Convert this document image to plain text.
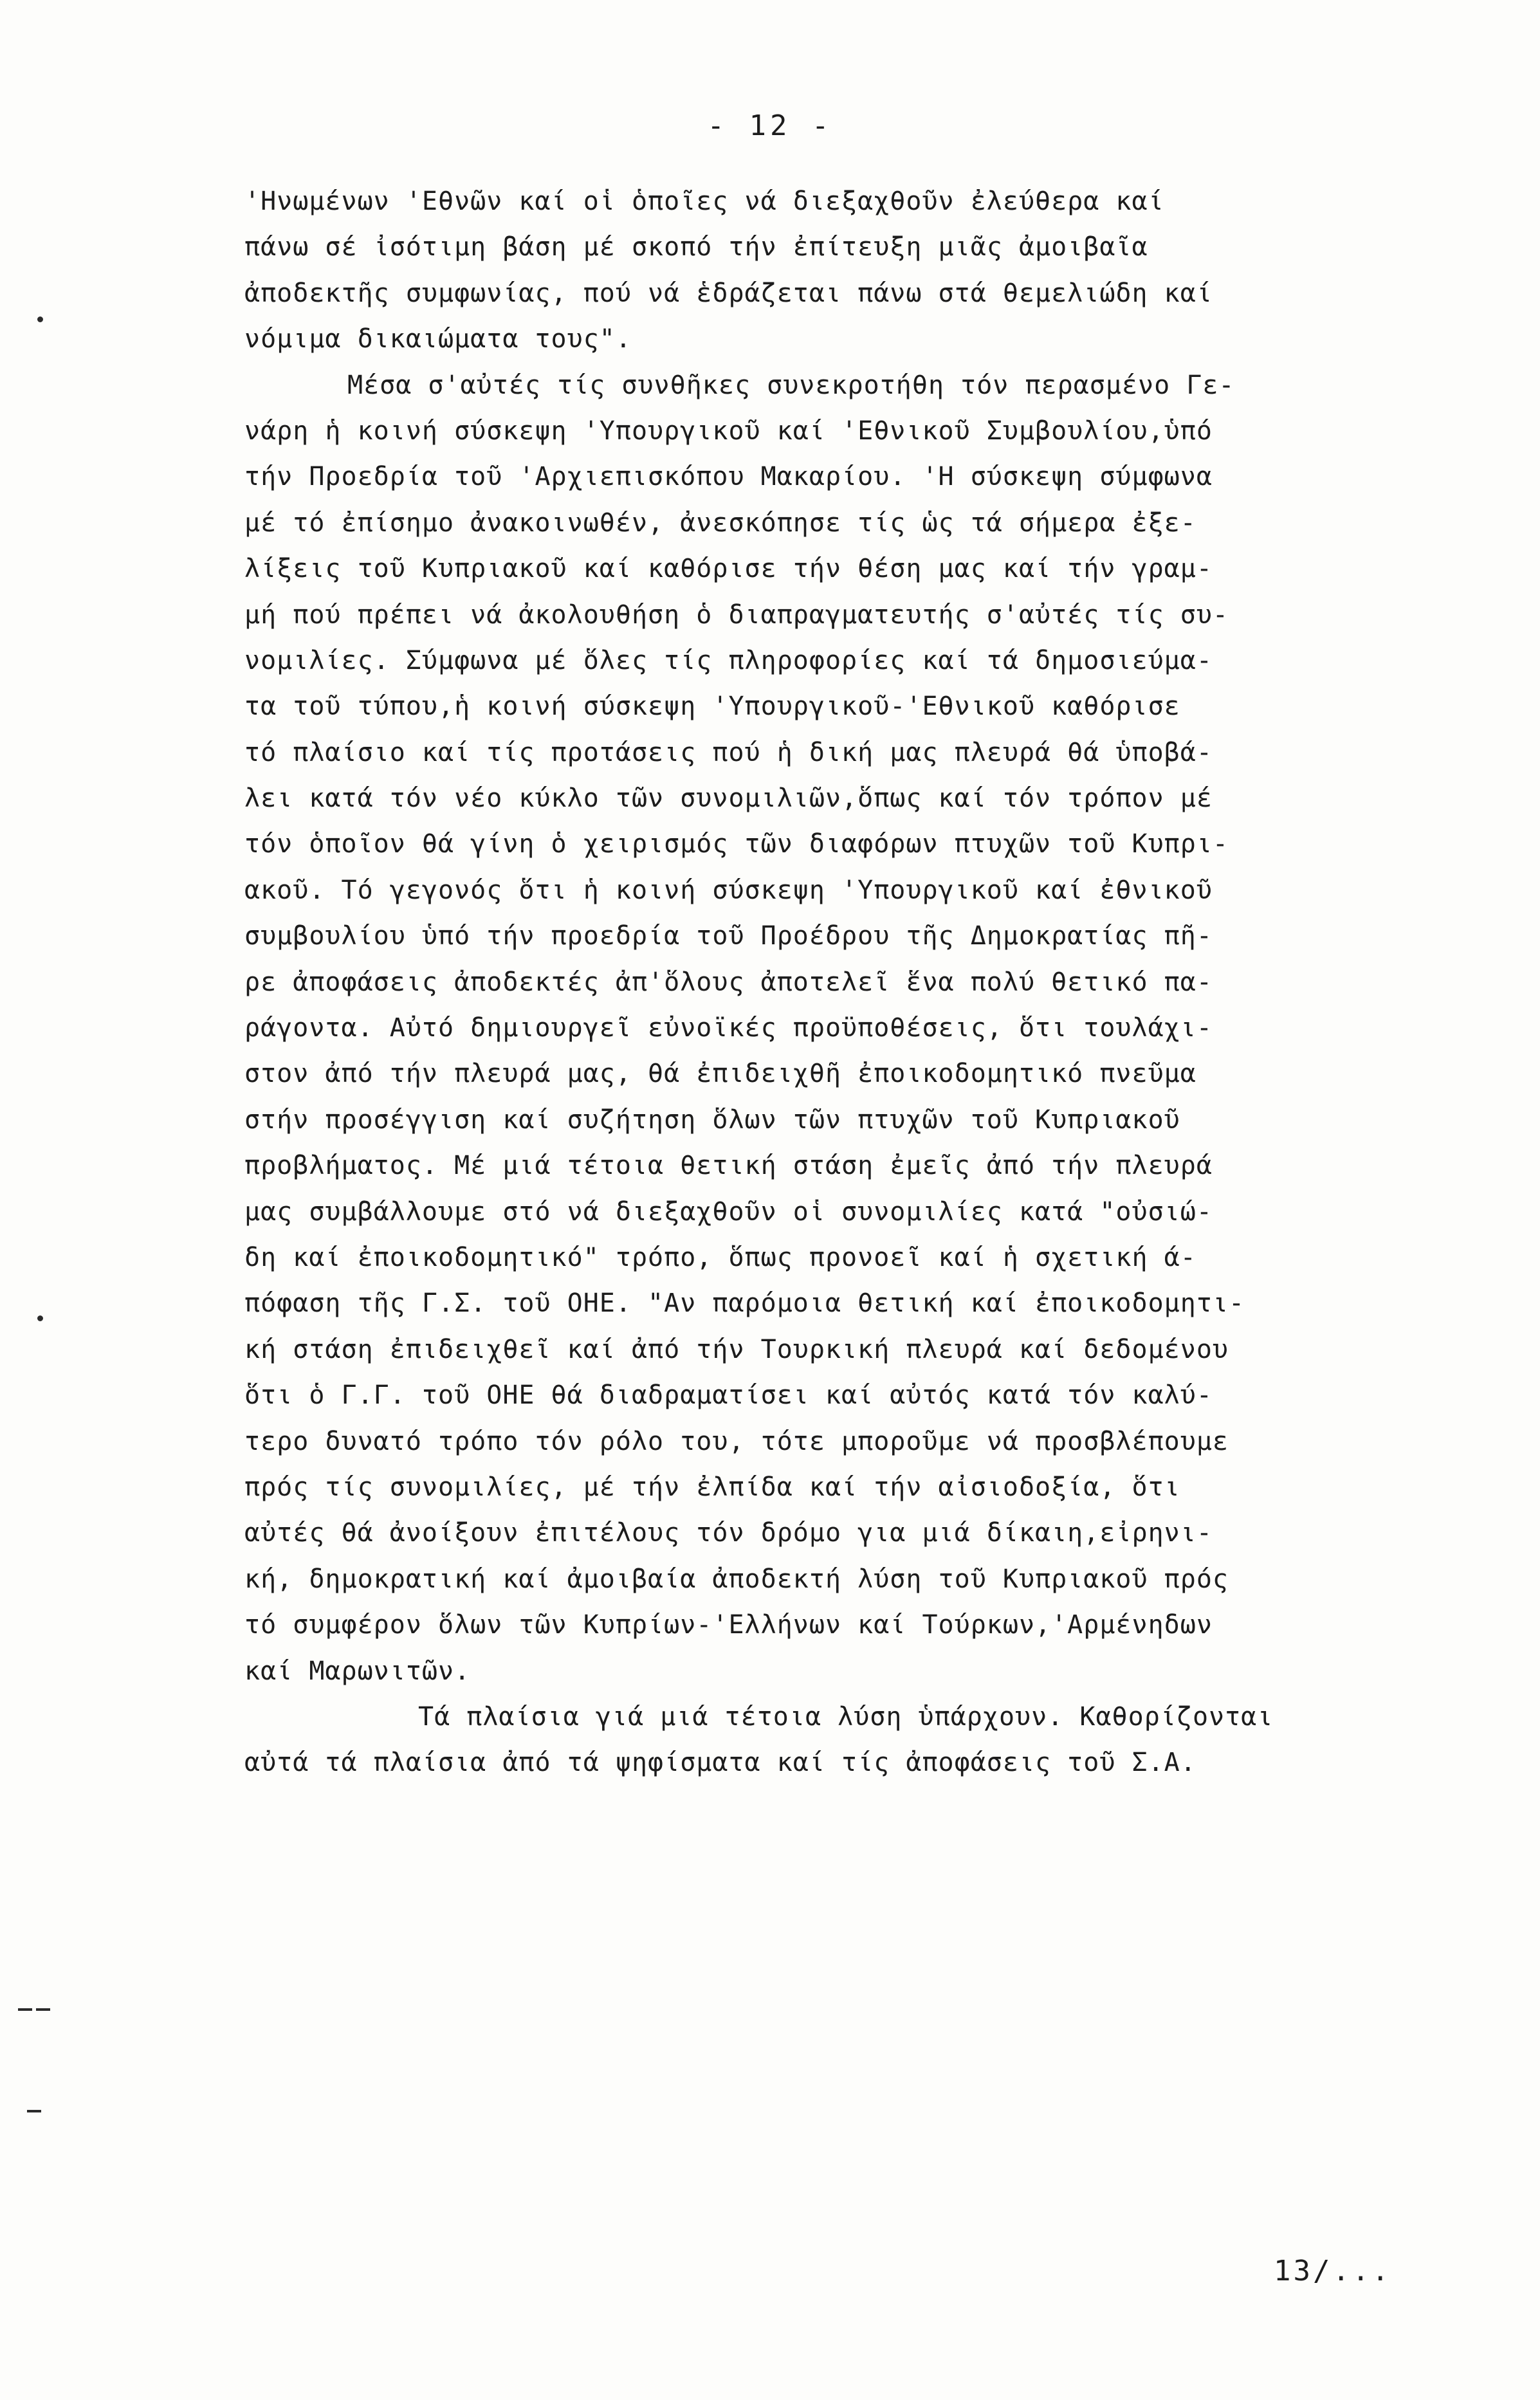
- 12 -
'Ηνωμένων 'Εθνῶν καί οἱ ὁποῖες νά διεξαχθοῦν ἐλεύθερα καί
πάνω σέ ἰσότιμη βάση μέ σκοπό τήν ἐπίτευξη μιᾶς ἀμοιβαῖα
ἀποδεκτῆς συμφωνίας, πού νά ἑδράζεται πάνω στά θεμελιώδη καί
νόμιμα δικαιώματα τους".
Μέσα σ'αὐτές τίς συνθῆκες συνεκροτήθη τόν περασμένο Γε-
νάρη ἡ κοινή σύσκεψη 'Υπουργικοῦ καί 'Εθνικοῦ Συμβουλίου,ὑπό
τήν Προεδρία τοῦ 'Αρχιεπισκόπου Μακαρίου. 'Η σύσκεψη σύμφωνα
μέ τό ἐπίσημο ἀνακοινωθέν, ἀνεσκόπησε τίς ὡς τά σήμερα ἐξε-
λίξεις τοῦ Κυπριακοῦ καί καθόρισε τήν θέση μας καί τήν γραμ-
μή πού πρέπει νά ἀκολουθήση ὁ διαπραγματευτής σ'αὐτές τίς συ-
νομιλίες. Σύμφωνα μέ ὅλες τίς πληροφορίες καί τά δημοσιεύμα-
τα τοῦ τύπου,ἡ κοινή σύσκεψη 'Υπουργικοῦ-'Εθνικοῦ καθόρισε
τό πλαίσιο καί τίς προτάσεις πού ἡ δική μας πλευρά θά ὑποβά-
λει κατά τόν νέο κύκλο τῶν συνομιλιῶν,ὅπως καί τόν τρόπον μέ
τόν ὁποῖον θά γίνη ὁ χειρισμός τῶν διαφόρων πτυχῶν τοῦ Κυπρι-
ακοῦ. Τό γεγονός ὅτι ἡ κοινή σύσκεψη 'Υπουργικοῦ καί ἐθνικοῦ
συμβουλίου ὑπό τήν προεδρία τοῦ Προέδρου τῆς Δημοκρατίας πῆ-
ρε ἀποφάσεις ἀποδεκτές ἀπ'ὅλους ἀποτελεῖ ἕνα πολύ θετικό πα-
ράγοντα. Αὐτό δημιουργεῖ εὐνοϊκές προϋποθέσεις, ὅτι τουλάχι-
στον ἀπό τήν πλευρά μας, θά ἐπιδειχθῆ ἐποικοδομητικό πνεῦμα
στήν προσέγγιση καί συζήτηση ὅλων τῶν πτυχῶν τοῦ Κυπριακοῦ
προβλήματος. Μέ μιά τέτοια θετική στάση ἐμεῖς ἀπό τήν πλευρά
μας συμβάλλουμε στό νά διεξαχθοῦν οἱ συνομιλίες κατά "οὐσιώ-
δη καί ἐποικοδομητικό" τρόπο, ὅπως προνοεῖ καί ἡ σχετική ά-
πόφαση τῆς Γ.Σ. τοῦ ΟΗΕ. "Αν παρόμοια θετική καί ἐποικοδομητι-
κή στάση ἐπιδειχθεῖ καί ἀπό τήν Τουρκική πλευρά καί δεδομένου
ὅτι ὁ Γ.Γ. τοῦ ΟΗΕ θά διαδραματίσει καί αὐτός κατά τόν καλύ-
τερο δυνατό τρόπο τόν ρόλο του, τότε μποροῦμε νά προσβλέπουμε
πρός τίς συνομιλίες, μέ τήν ἐλπίδα καί τήν αἰσιοδοξία, ὅτι
αὐτές θά ἀνοίξουν ἐπιτέλους τόν δρόμο για μιά δίκαιη,εἰρηνι-
κή, δημοκρατική καί ἀμοιβαία ἀποδεκτή λύση τοῦ Κυπριακοῦ πρός
τό συμφέρον ὅλων τῶν Κυπρίων-'Ελλήνων καί Τούρκων,'Αρμένηδων
καί Μαρωνιτῶν.
Τά πλαίσια γιά μιά τέτοια λύση ὑπάρχουν. Καθορίζονται
αὐτά τά πλαίσια ἀπό τά ψηφίσματα καί τίς ἀποφάσεις τοῦ Σ.Α.
13/...
